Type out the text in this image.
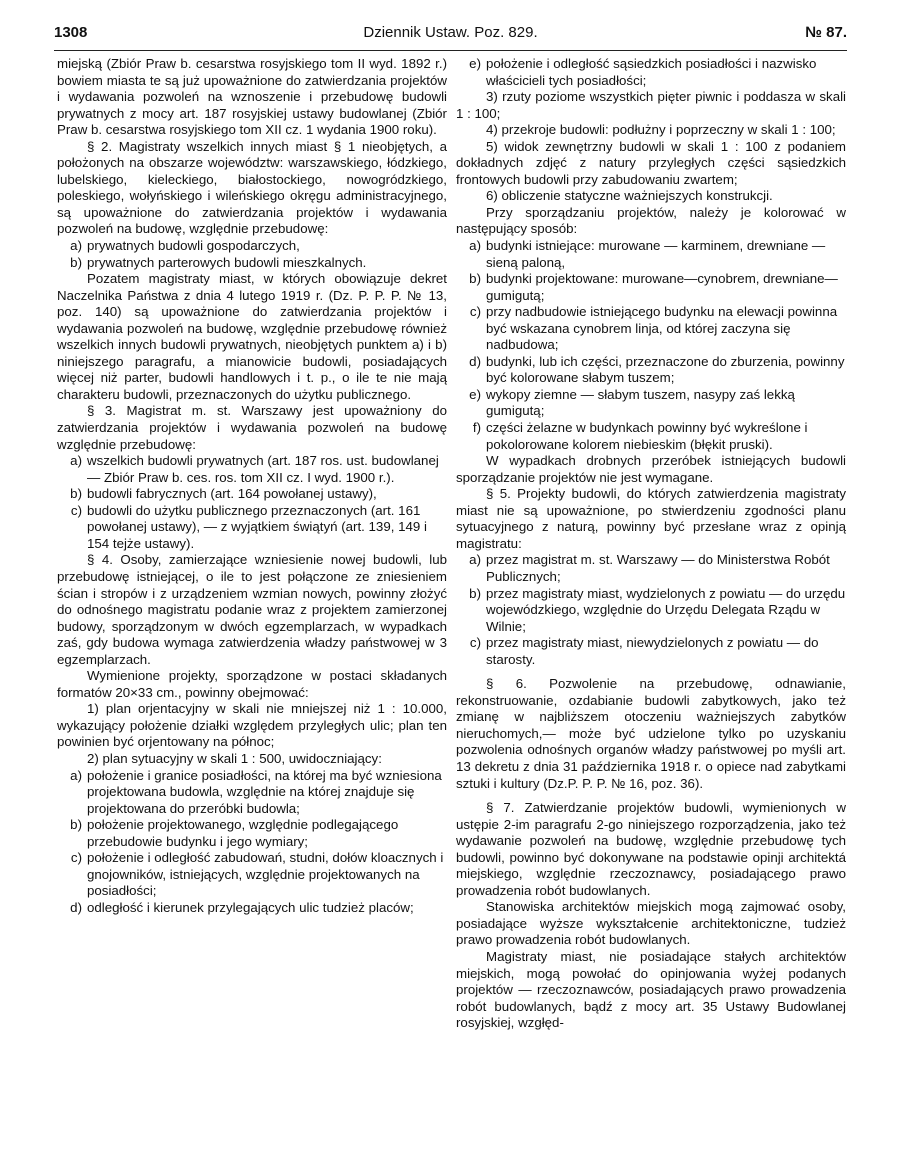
1308	Dziennik Ustaw. Poz. 829.	№ 87.

miejską (Zbiór Praw b. cesarstwa rosyjskiego tom II wyd. 1892 r.) bowiem miasta te są już upoważnione do zatwierdzania projektów i wydawania pozwoleń na wznoszenie i przebudowę budowli prywatnych z mocy art. 187 rosyjskiej ustawy budowlanej (Zbiór Praw b. cesarstwa rosyjskiego tom XII cz. 1 wydania 1900 roku).

§ 2. Magistraty wszelkich innych miast § 1 nieobjętych, a położonych na obszarze województw: warszawskiego, łódzkiego, lubelskiego, kieleckiego, białostockiego, nowogródzkiego, poleskiego, wołyńskiego i wileńskiego okręgu administracyjnego, są upoważnione do zatwierdzania projektów i wydawania pozwoleń na budowę, względnie przebudowę:

a) prywatnych budowli gospodarczych,
b) prywatnych parterowych budowli mieszkalnych.

Pozatem magistraty miast, w których obowiązuje dekret Naczelnika Państwa z dnia 4 lutego 1919 r. (Dz. P. P. P. № 13, poz. 140) są upoważnione do zatwierdzania projektów i wydawania pozwoleń na budowę, względnie przebudowę również wszelkich innych budowli prywatnych, nieobjętych punktem a) i b) niniejszego paragrafu, a mianowicie budowli, posiadających więcej niż parter, budowli handlowych i t. p., o ile te nie mają charakteru budowli, przeznaczonych do użytku publicznego.

§ 3. Magistrat m. st. Warszawy jest upoważniony do zatwierdzania projektów i wydawania pozwoleń na budowę względnie przebudowę:

a) wszelkich budowli prywatnych (art. 187 ros. ust. budowlanej — Zbiór Praw b. ces. ros. tom XII cz. I wyd. 1900 r.).
b) budowli fabrycznych (art. 164 powołanej ustawy),
c) budowli do użytku publicznego przeznaczonych (art. 161 powołanej ustawy), — z wyjątkiem świątyń (art. 139, 149 i 154 tejże ustawy).

§ 4. Osoby, zamierzające wzniesienie nowej budowli, lub przebudowę istniejącej, o ile to jest połączone ze zniesieniem ścian i stropów i z urządzeniem wzmian nowych, powinny złożyć do odnośnego magistratu podanie wraz z projektem zamierzonej budowy, sporządzonym w dwóch egzemplarzach, w wypadkach zaś, gdy budowa wymaga zatwierdzenia władzy państwowej w 3 egzemplarzach.

Wymienione projekty, sporządzone w postaci składanych formatów 20×33 cm., powinny obejmować:

1) plan orjentacyjny w skali nie mniejszej niż 1 : 10.000, wykazujący położenie działki względem przyległych ulic; plan ten powinien być orjentowany na północ;

2) plan sytuacyjny w skali 1 : 500, uwidoczniający:

a) położenie i granice posiadłości, na której ma być wzniesiona projektowana budowla, względnie na której znajduje się projektowana do przeróbki budowla;
b) położenie projektowanego, względnie podlegającego przebudowie budynku i jego wymiary;
c) położenie i odległość zabudowań, studni, dołów kloacznych i gnojowników, istniejących, względnie projektowanych na posiadłości;
d) odległość i kierunek przylegających ulic tudzież placów;
e) położenie i odległość sąsiedzkich posiadłości i nazwisko właścicieli tych posiadłości;

3) rzuty poziome wszystkich pięter piwnic i poddasza w skali 1 : 100;

4) przekroje budowli: podłużny i poprzeczny w skali 1 : 100;

5) widok zewnętrzny budowli w skali 1 : 100 z podaniem dokładnych zdjęć z natury przyległych części sąsiedzkich frontowych budowli przy zabudowaniu zwartem;

6) obliczenie statyczne ważniejszych konstrukcji.

Przy sporządzaniu projektów, należy je kolorować w następujący sposób:

a) budynki istniejące: murowane — karminem, drewniane — sieną paloną,
b) budynki projektowane: murowane—cynobrem, drewniane—gumigutą;
c) przy nadbudowie istniejącego budynku na elewacji powinna być wskazana cynobrem linja, od której zaczyna się nadbudowa;
d) budynki, lub ich części, przeznaczone do zburzenia, powinny być kolorowane słabym tuszem;
e) wykopy ziemne — słabym tuszem, nasypy zaś lekką gumigutą;
f) części żelazne w budynkach powinny być wykreślone i pokolorowane kolorem niebieskim (błękit pruski).

W wypadkach drobnych przeróbek istniejących budowli sporządzanie projektów nie jest wymagane.

§ 5. Projekty budowli, do których zatwierdzenia magistraty miast nie są upoważnione, po stwierdzeniu zgodności planu sytuacyjnego z naturą, powinny być przesłane wraz z opinją magistratu:

a) przez magistrat m. st. Warszawy — do Ministerstwa Robót Publicznych;
b) przez magistraty miast, wydzielonych z powiatu — do urzędu wojewódzkiego, względnie do Urzędu Delegata Rządu w Wilnie;
c) przez magistraty miast, niewydzielonych z powiatu — do starosty.

§ 6. Pozwolenie na przebudowę, odnawianie, rekonstruowanie, ozdabianie budowli zabytkowych, jako też zmianę w najbliższem otoczeniu ważniejszych zabytków nieruchomych,— może być udzielone tylko po uzyskaniu pozwolenia odnośnych organów władzy państwowej po myśli art. 13 dekretu z dnia 31 października 1918 r. o opiece nad zabytkami sztuki i kultury (Dz.P. P. P. № 16, poz. 36).

§ 7. Zatwierdzanie projektów budowli, wymienionych w ustępie 2-im paragrafu 2-go niniejszego rozporządzenia, jako też wydawanie pozwoleń na budowę, względnie przebudowę tych budowli, powinno być dokonywane na podstawie opinji architektá miejskiego, względnie rzeczoznawcy, posiadającego prawo prowadzenia robót budowlanych.

Stanowiska architektów miejskich mogą zajmować osoby, posiadające wyższe wykształcenie architektoniczne, tudzież prawo prowadzenia robót budowlanych.

Magistraty miast, nie posiadające stałych architektów miejskich, mogą powołać do opinjowania wyżej podanych projektów — rzeczoznawców, posiadających prawo prowadzenia robót budowlanych, bądź z mocy art. 35 Ustawy Budowlanej rosyjskiej, wzgłęd-
